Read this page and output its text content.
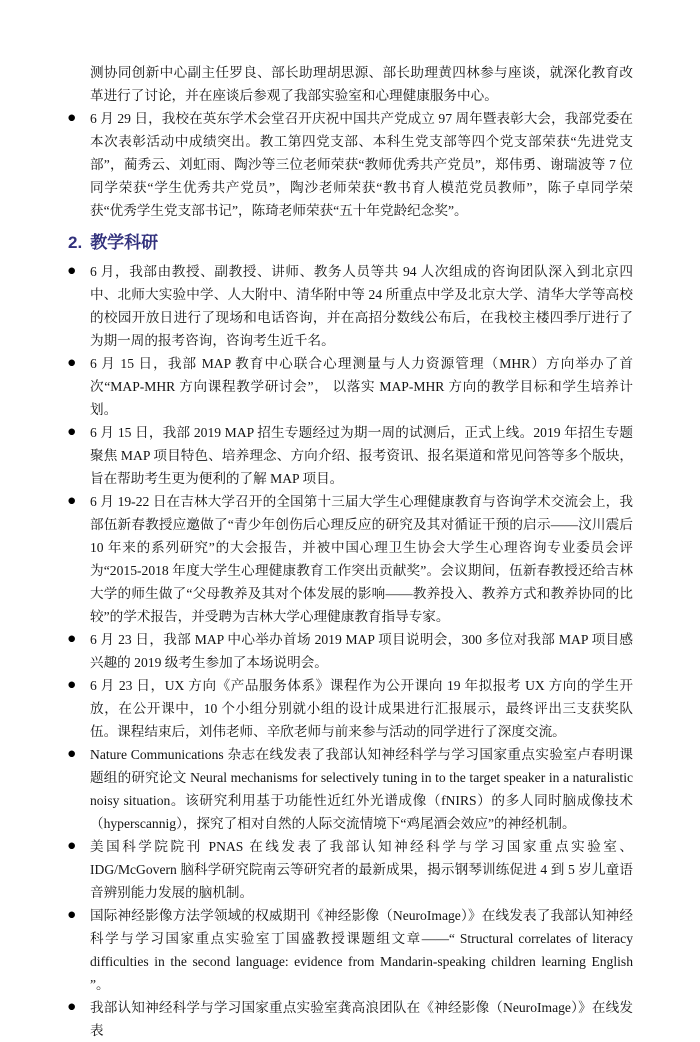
测协同创新中心副主任罗良、部长助理胡思源、部长助理黄四林参与座谈，就深化教育改革进行了讨论，并在座谈后参观了我部实验室和心理健康服务中心。

●	6 月 29 日，我校在英东学术会堂召开庆祝中国共产党成立 97 周年暨表彰大会，我部党委在本次表彰活动中成绩突出。教工第四党支部、本科生党支部等四个党支部荣获“先进党支部”，蔺秀云、刘虹雨、陶沙等三位老师荣获“教师优秀共产党员”，郑伟勇、谢瑞波等 7 位同学荣获“学生优秀共产党员”，陶沙老师荣获“教书育人模范党员教师”，陈子卓同学荣获“优秀学生党支部书记”，陈琦老师荣获“五十年党龄纪念奖”。

2. 教学科研
●	6 月，我部由教授、副教授、讲师、教务人员等共 94 人次组成的咨询团队深入到北京四中、北师大实验中学、人大附中、清华附中等 24 所重点中学及北京大学、清华大学等高校的校园开放日进行了现场和电话咨询，并在高招分数线公布后，在我校主楼四季厅进行了为期一周的报考咨询，咨询考生近千名。

●	6 月 15 日，我部 MAP 教育中心联合心理测量与人力资源管理（MHR）方向举办了首次“MAP-MHR 方向课程教学研讨会”， 以落实 MAP-MHR 方向的教学目标和学生培养计划。

●	6 月 15 日，我部 2019 MAP 招生专题经过为期一周的试测后，正式上线。2019 年招生专题聚焦 MAP 项目特色、培养理念、方向介绍、报考资讯、报名渠道和常见问答等多个版块，旨在帮助考生更为便利的了解 MAP 项目。

●	6 月 19-22 日在吉林大学召开的全国第十三届大学生心理健康教育与咨询学术交流会上，我部伍新春教授应邀做了“青少年创伤后心理反应的研究及其对循证干预的启示——汶川震后 10 年来的系列研究”的大会报告，并被中国心理卫生协会大学生心理咨询专业委员会评为“2015-2018 年度大学生心理健康教育工作突出贡献奖”。会议期间，伍新春教授还给吉林大学的师生做了“父母教养及其对个体发展的影响——教养投入、教养方式和教养协同的比较”的学术报告，并受聘为吉林大学心理健康教育指导专家。

●	6 月 23 日，我部 MAP 中心举办首场 2019 MAP 项目说明会，300 多位对我部 MAP 项目感兴趣的 2019 级考生参加了本场说明会。

●	6 月 23 日，UX 方向《产品服务体系》课程作为公开课向 19 年拟报考 UX 方向的学生开放，在公开课中，10 个小组分别就小组的设计成果进行汇报展示，最终评出三支获奖队伍。课程结束后，刘伟老师、辛欣老师与前来参与活动的同学进行了深度交流。

●	Nature Communications 杂志在线发表了我部认知神经科学与学习国家重点实验室卢春明课题组的研究论文 Neural mechanisms for selectively tuning in to the target speaker in a naturalistic noisy situation。该研究利用基于功能性近红外光谱成像（fNIRS）的多人同时脑成像技术（hyperscannig），探究了相对自然的人际交流情境下“鸡尾酒会效应”的神经机制。

●	美国科学院院刊 PNAS 在线发表了我部认知神经科学与学习国家重点实验室、IDG/McGovern 脑科学研究院南云等研究者的最新成果，揭示钢琴训练促进 4 到 5 岁儿童语音辨别能力发展的脑机制。

●	国际神经影像方法学领域的权威期刊《神经影像（NeuroImage）》在线发表了我部认知神经科学与学习国家重点实验室丁国盛教授课题组文章——“ Structural correlates of literacy difficulties in the second language: evidence from Mandarin-speaking children learning English ”。

●	我部认知神经科学与学习国家重点实验室龚高浪团队在《神经影像（NeuroImage）》在线发表
